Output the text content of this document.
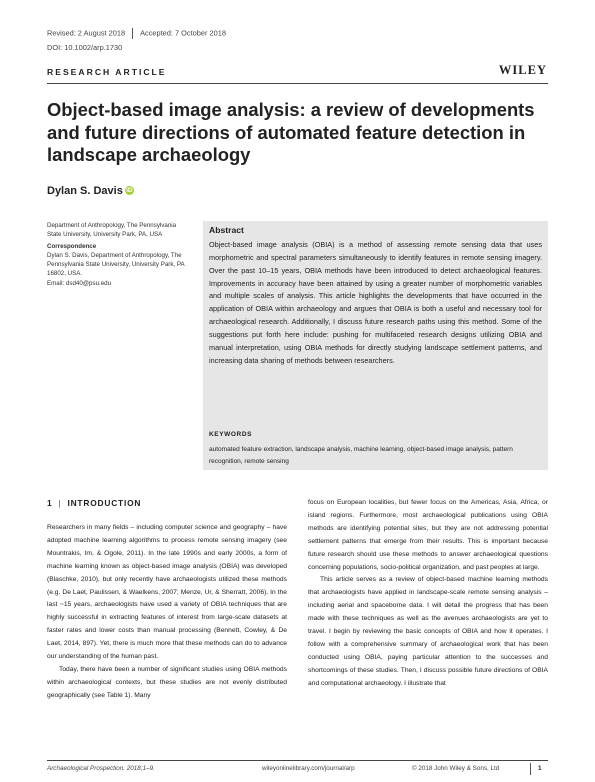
Revised: 2 August 2018 Accepted: 7 October 2018
DOI: 10.1002/arp.1730
RESEARCH ARTICLE	WILEY
Object-based image analysis: a review of developments and future directions of automated feature detection in landscape archaeology
Dylan S. Davis iD
Department of Anthropology, The Pennsylvania State University, University Park, PA, USA
Correspondence
Dylan S. Davis, Department of Anthropology, The Pennsylvania State University, University Park, PA 16802, USA.
Email: dsd40@psu.edu
Abstract
Object-based image analysis (OBIA) is a method of assessing remote sensing data that uses morphometric and spectral parameters simultaneously to identify features in remote sensing imagery. Over the past 10–15 years, OBIA methods have been introduced to detect archaeological features. Improvements in accuracy have been attained by using a greater number of morphometric variables and multiple scales of analysis. This article highlights the developments that have occurred in the application of OBIA within archaeology and argues that OBIA is both a useful and necessary tool for archaeological research. Additionally, I discuss future research paths using this method. Some of the suggestions put forth here include: pushing for multifaceted research designs utilizing OBIA and manual interpretation, using OBIA methods for directly studying landscape settlement patterns, and increasing data sharing of methods between researchers.
KEYWORDS
automated feature extraction, landscape analysis, machine learning, object-based image analysis, pattern recognition, remote sensing
1 | INTRODUCTION

Researchers in many fields – including computer science and geography – have adopted machine learning algorithms to process remote sensing imagery (see Mountrakis, Im, & Ogole, 2011). In the late 1990s and early 2000s, a form of machine learning known as object-based image analysis (OBIA) was developed (Blaschke, 2010), but only recently have archaeologists utilized these methods (e.g. De Laet, Paulissen, & Waelkens, 2007; Menze, Ur, & Sherratt, 2006). In the last ~15 years, archaeologists have used a variety of OBIA techniques that are highly successful in extracting features of interest from large-scale datasets at faster rates and lower costs than manual processing (Bennett, Cowley, & De Laet, 2014, 897). Yet, there is much more that these methods can do to advance our understanding of the human past.

Today, there have been a number of significant studies using OBIA methods within archaeological contexts, but these studies are not evenly distributed geographically (see Table 1). Many

focus on European localities, but fewer focus on the Americas, Asia, Africa, or island regions. Furthermore, most archaeological publications using OBIA methods are identifying potential sites, but they are not addressing potential settlement patterns that emerge from their results. This is important because future research should use these methods to answer archaeological questions concerning populations, socio-political organization, and past peoples at large.

This article serves as a review of object-based machine learning methods that archaeologists have applied in landscape-scale remote sensing analysis – including aerial and spaceborne data. I will detail the progress that has been made with these techniques as well as the avenues archaeologists are yet to travel. I begin by reviewing the basic concepts of OBIA and how it operates. I follow with a comprehensive summary of archaeological work that has been conducted using OBIA, paying particular attention to the successes and shortcomings of these studies. Then, I discuss possible future directions of OBIA and computational archaeology. I illustrate that

Archaeological Prospection. 2018;1–9.	wileyonlinelibrary.com/journal/arp	© 2018 John Wiley & Sons, Ltd	1
